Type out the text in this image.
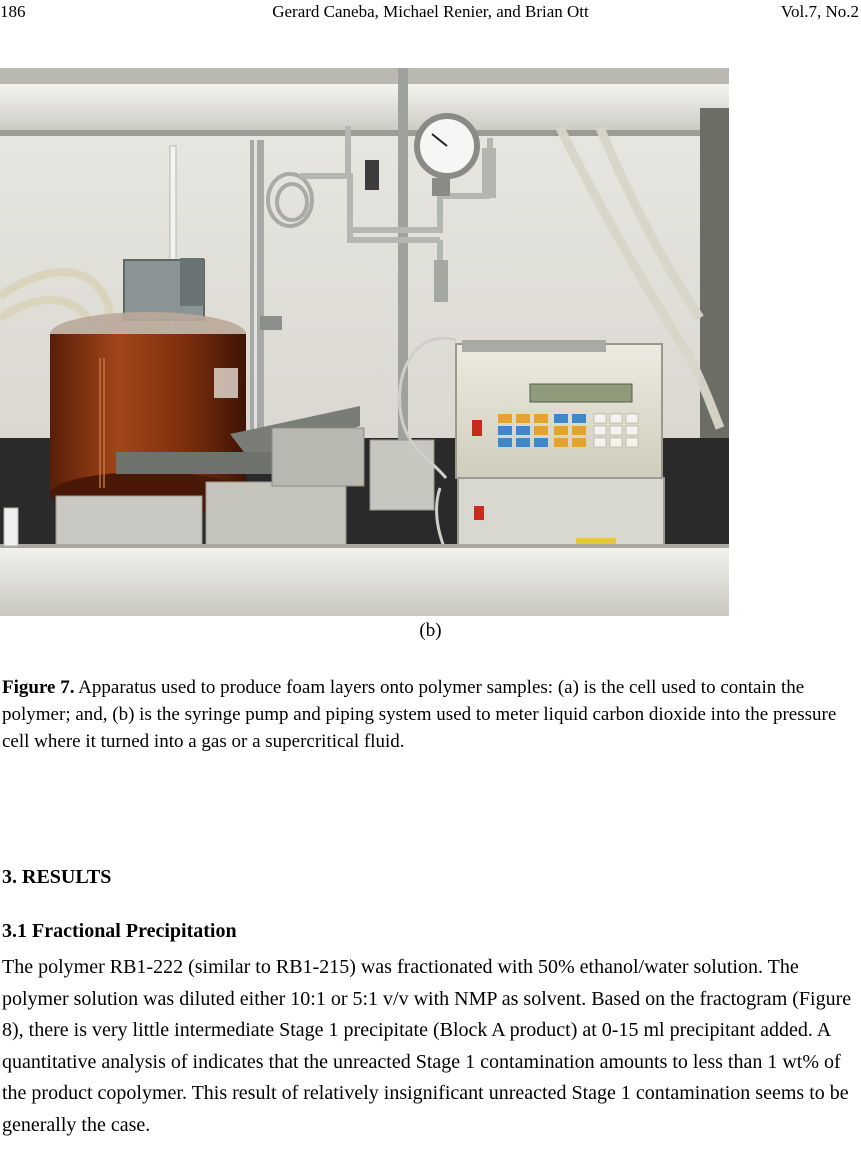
186	Gerard Caneba, Michael Renier, and Brian Ott	Vol.7, No.2
(b)
Figure 7. Apparatus used to produce foam layers onto polymer samples: (a) is the cell used to contain the polymer; and, (b) is the syringe pump and piping system used to meter liquid carbon dioxide into the pressure cell where it turned into a gas or a supercritical fluid.
3. RESULTS
3.1 Fractional Precipitation
The polymer RB1-222 (similar to RB1-215) was fractionated with 50% ethanol/water solution. The polymer solution was diluted either 10:1 or 5:1 v/v with NMP as solvent. Based on the fractogram (Figure 8), there is very little intermediate Stage 1 precipitate (Block A product) at 0-15 ml precipitant added. A quantitative analysis of indicates that the unreacted Stage 1 contamination amounts to less than 1 wt% of the product copolymer. This result of relatively insignificant unreacted Stage 1 contamination seems to be generally the case.
